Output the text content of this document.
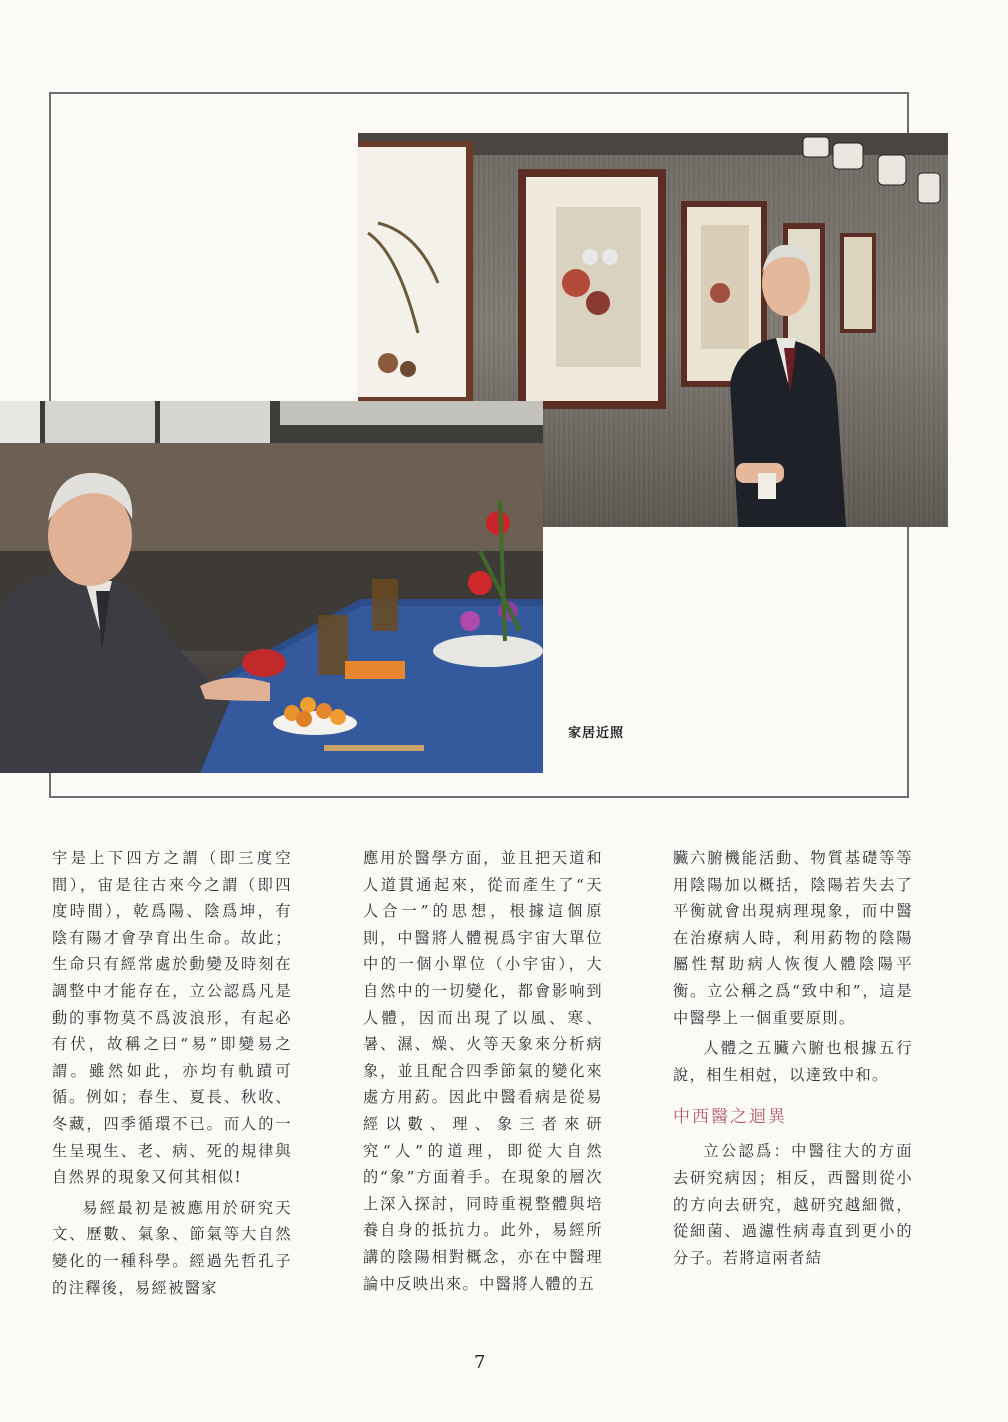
家居近照

宇是上下四方之謂（即三度空間），宙是往古來今之謂（即四度時間），乾爲陽、陰爲坤，有陰有陽才會孕育出生命。故此；生命只有經常處於動變及時刻在調整中才能存在，立公認爲凡是動的事物莫不爲波浪形，有起必有伏，故稱之曰“易”即變易之謂。雖然如此，亦均有軌蹟可循。例如；春生、夏長、秋收、冬藏，四季循環不已。而人的一生呈現生、老、病、死的規律與自然界的現象又何其相似!

易經最初是被應用於研究天文、歷數、氣象、節氣等大自然變化的一種科學。經過先哲孔子的注釋後，易經被醫家

應用於醫學方面，並且把天道和人道貫通起來，從而產生了“天人合一”的思想，根據這個原則，中醫將人體視爲宇宙大單位中的一個小單位（小宇宙），大自然中的一切變化，都會影响到人體，因而出現了以風、寒、暑、濕、燥、火等天象來分析病象，並且配合四季節氣的變化來處方用葯。因此中醫看病是從易經以數、理、象三者來研究“人”的道理，即從大自然的“象”方面着手。在現象的層次上深入探討，同時重視整體與培養自身的抵抗力。此外，易經所講的陰陽相對概念，亦在中醫理論中反映出來。中醫將人體的五

臟六腑機能活動、物質基礎等等用陰陽加以概括，陰陽若失去了平衡就會出現病理現象，而中醫在治療病人時，利用葯物的陰陽屬性幫助病人恢復人體陰陽平衡。立公稱之爲“致中和”，這是中醫學上一個重要原則。

人體之五臟六腑也根據五行說，相生相尅，以達致中和。

中西醫之迴異

立公認爲：中醫往大的方面去研究病因；相反，西醫則從小的方向去研究，越研究越細微，從細菌、過濾性病毒直到更小的分子。若將這兩者結

7
